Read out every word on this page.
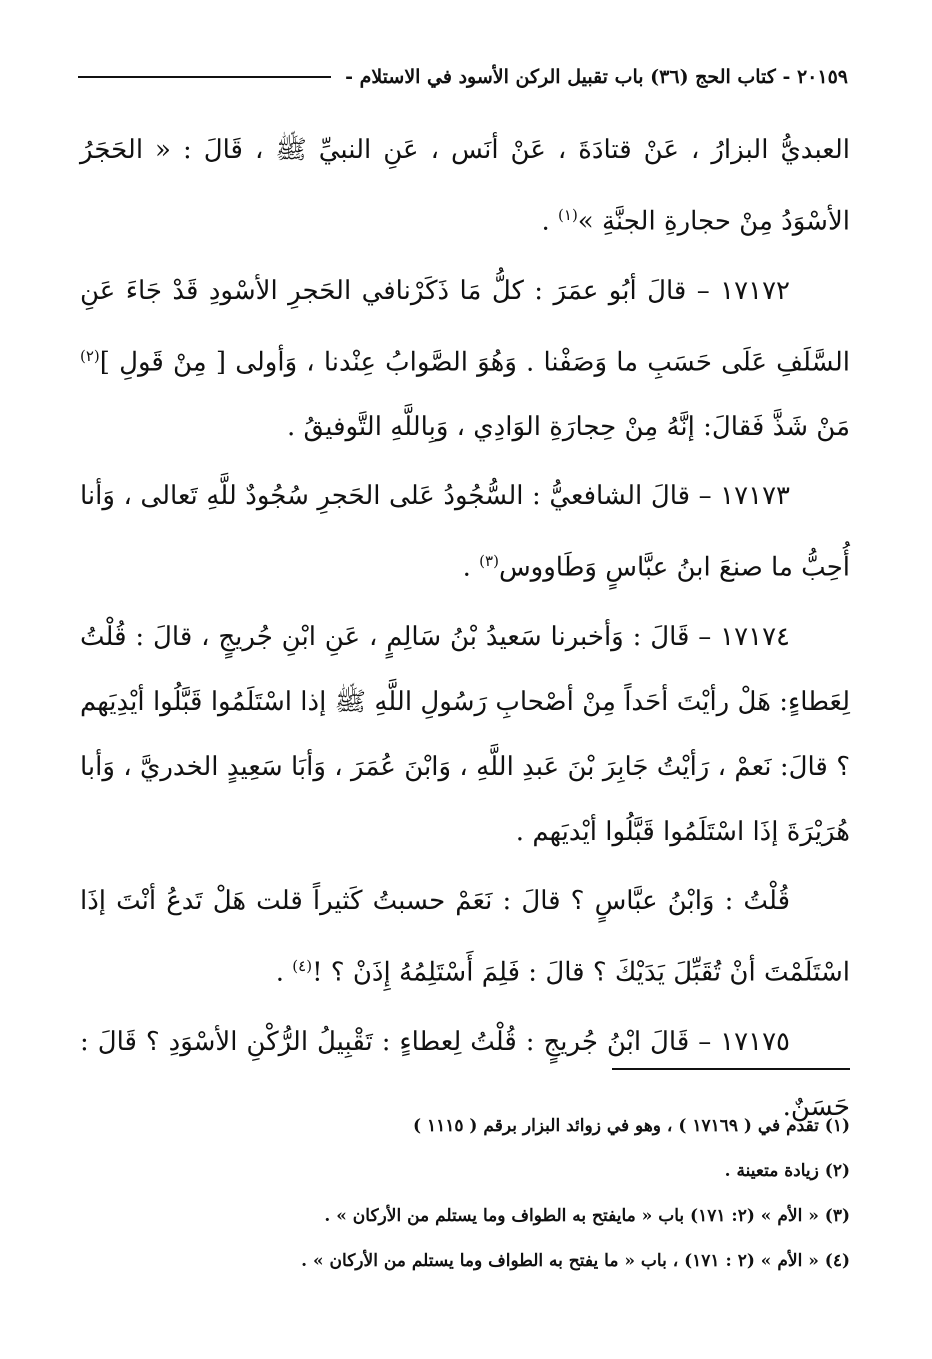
١٥٩
٢٠ - كتاب الحج (٣٦) باب تقبيل الركن الأسود في الاستلام -

العبديُّ البزارُ ، عَنْ قتادَةَ ، عَنْ أنَس ، عَنِ النبيِّ ﷺ ، قَالَ : « الحَجَرُ الأسْوَدُ مِنْ حجارةِ الجنَّةِ »$^{(١)}$ .

١٧١٧٢ – قالَ أبُو عمَرَ : كلُّ مَا ذَكَرْنافي الحَجرِ الأسْودِ قَدْ جَاءَ عَنِ السَّلَفِ عَلَى حَسَبِ ما وَصَفْنا . وَهُوَ الصَّوابُ عِنْدنا ، وَأولى [ مِنْ قَولِ ]$^{(٢)}$ مَنْ شَذَّ فَقالَ: إنَّهُ مِنْ حِجارَةِ الوَادِي ، وَبِاللَّهِ التَّوفيقُ .

١٧١٧٣ – قالَ الشافعيُّ : السُّجُودُ عَلى الحَجرِ سُجُودٌ للَّهِ تَعالى ، وَأنا أُحِبُّ ما صنعَ ابنُ عبَّاسٍ وَطَاووس$^{(٣)}$ .

١٧١٧٤ – قَالَ : وَأخبرنا سَعيدُ بْنُ سَالِمٍ ، عَنِ ابْنِ جُريجٍ ، قالَ : قُلْتُ لِعَطاءٍ: هَلْ رأيْتَ أحَداً مِنْ أصْحابِ رَسُولِ اللَّهِ ﷺ إذا اسْتَلَمُوا قَبَّلُوا أيْدِيَهم ؟ قالَ: نَعمْ ، رَأيْتُ جَابِرَ بْنَ عَبدِ اللَّهِ ، وَابْنَ عُمَرَ ، وَأبَا سَعِيدٍ الخدريَّ ، وَأبا هُرَيْرَةَ إذَا اسْتَلَمُوا قَبَّلُوا أيْديَهم .

قُلْتُ : وَابْنُ عبَّاسٍ ؟ قالَ : نَعَمْ حسبتُ كَثيراً قلت هَلْ تَدعُ أنْتَ إذَا اسْتَلَمْتَ أنْ تُقَبِّلَ يَدَيْكَ ؟ قالَ : فَلِمَ أَسْتَلِمُهُ إِذَنْ ؟ !$^{(٤)}$ .

١٧١٧٥ – قَالَ ابْنُ جُريجٍ : قُلْتُ لِعطاءٍ : تَقْبِيلُ الرُّكْنِ الأسْوَدِ ؟ قَالَ : حَسَنٌ.

(١) تقدم في ( ١٧١٦٩ ) ، وهو في زوائد البزار برقم ( ١١١٥ )

(٢) زيادة متعينة .

(٣) « الأم » (٢: ١٧١) باب « مايفتح به الطواف وما يستلم من الأركان » .

(٤) « الأم » (٢ : ١٧١) ، باب « ما يفتح به الطواف وما يستلم من الأركان » .
